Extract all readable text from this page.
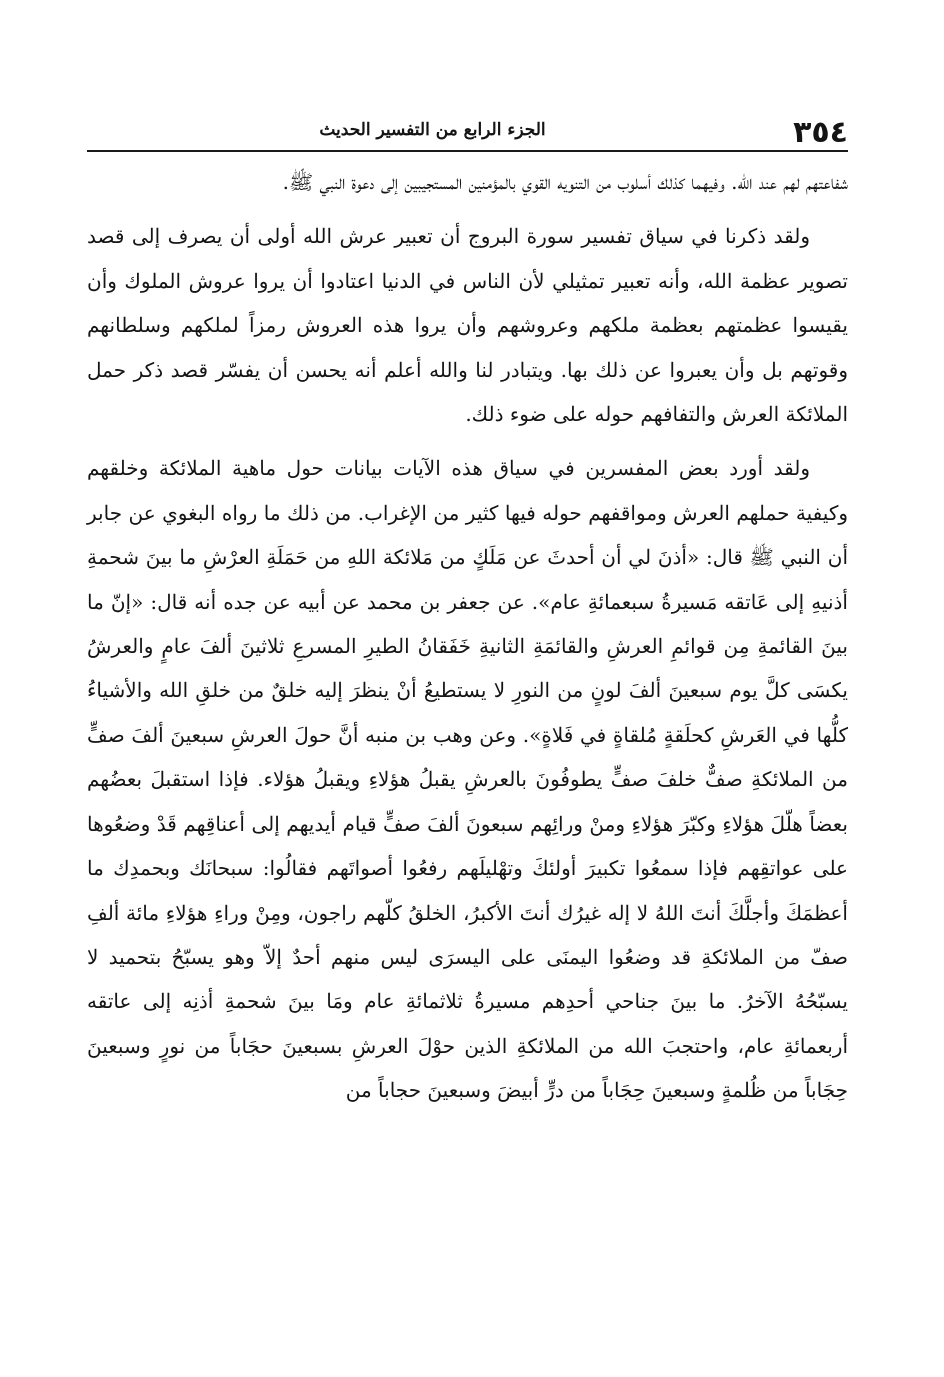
٣٥٤
الجزء الرابع من التفسير الحديث

شفاعتهم لهم عند الله. وفيهما كذلك أسلوب من التنويه القوي بالمؤمنين المستجيبين إلى دعوة النبي ﷺ.

ولقد ذكرنا في سياق تفسير سورة البروج أن تعبير عرش الله أولى أن يصرف إلى قصد تصوير عظمة الله، وأنه تعبير تمثيلي لأن الناس في الدنيا اعتادوا أن يروا عروش الملوك وأن يقيسوا عظمتهم بعظمة ملكهم وعروشهم وأن يروا هذه العروش رمزاً لملكهم وسلطانهم وقوتهم بل وأن يعبروا عن ذلك بها. ويتبادر لنا والله أعلم أنه يحسن أن يفسّر قصد ذكر حمل الملائكة العرش والتفافهم حوله على ضوء ذلك.

ولقد أورد بعض المفسرين في سياق هذه الآيات بيانات حول ماهية الملائكة وخلقهم وكيفية حملهم العرش ومواقفهم حوله فيها كثير من الإغراب. من ذلك ما رواه البغوي عن جابر أن النبي ﷺ قال: «أذنَ لي أن أحدثَ عن مَلَكٍ من مَلائكة اللهِ من حَمَلَةِ العرْشِ ما بينَ شحمةِ أذنيهِ إلى عَاتقه مَسيرةُ سبعمائةِ عام». عن جعفر بن محمد عن أبيه عن جده أنه قال: «إنّ ما بينَ القائمةِ مِن قوائمِ العرشِ والقائمَةِ الثانيةِ خَفَقانُ الطيرِ المسرعِ ثلاثينَ ألفَ عامٍ والعرشُ يكسَى كلَّ يوم سبعينَ ألفَ لونٍ من النورِ لا يستطيعُ أنْ ينظرَ إليه خلقٌ من خلقِ الله والأشياءُ كلُّها في العَرشِ كحلَقةٍ مُلقاةٍ في فَلاةٍ». وعن وهب بن منبه أنَّ حولَ العرشِ سبعينَ ألفَ صفٍّ من الملائكةِ صفٌّ خلفَ صفٍّ يطوفُونَ بالعرشِ يقبلُ هؤلاءِ ويقبلُ هؤلاء. فإذا استقبلَ بعضُهم بعضاً هلّلَ هؤلاءِ وكبّرَ هؤلاءِ ومنْ ورائِهم سبعونَ ألفَ صفٍّ قيام أيديهم إلى أعناقِهم قَدْ وضعُوها على عواتقِهم فإذا سمعُوا تكبيرَ أولئكَ وتهْليلَهم رفعُوا أصواتَهم فقالُوا: سبحانَك وبحمدِك ما أعظمَكَ وأجلَّكَ أنتَ اللهُ لا إله غيرُك أنتَ الأكبرُ، الخلقُ كلّهم راجون، ومِنْ وراءِ هؤلاءِ مائة ألفِ صفّ من الملائكةِ قد وضعُوا اليمنَى على اليسرَى ليس منهم أحدٌ إلاّ وهو يسبّحُ بتحميد لا يسبّحُهُ الآخرُ. ما بينَ جناحي أحدِهم مسيرةُ ثلاثمائةِ عام ومَا بينَ شحمةِ أذنِه إلى عاتقه أربعمائةِ عام، واحتجبَ الله من الملائكةِ الذين حوْلَ العرشِ بسبعينَ حجَاباً من نورٍ وسبعينَ حِجَاباً من ظُلمةٍ وسبعينَ حِجَاباً من درٍّ أبيضَ وسبعينَ حجاباً من
